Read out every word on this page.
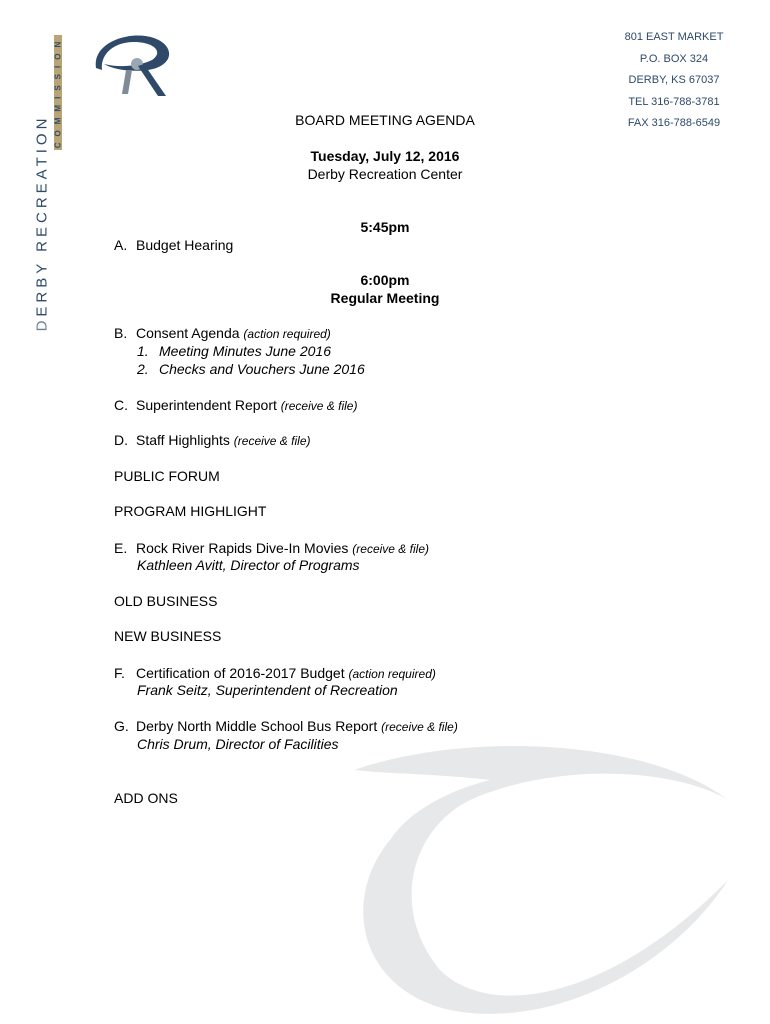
COMMISSION
DERBY RECREATION
801 EAST MARKET
P.O. BOX 324
DERBY, KS 67037
TEL 316-788-3781
FAX 316-788-6549
BOARD MEETING AGENDA
Tuesday, July 12, 2016
Derby Recreation Center
5:45pm
A. Budget Hearing
6:00pm
Regular Meeting
B. Consent Agenda (action required)
1. Meeting Minutes June 2016
2. Checks and Vouchers June 2016
C. Superintendent Report (receive & file)
D. Staff Highlights (receive & file)
PUBLIC FORUM
PROGRAM HIGHLIGHT
E. Rock River Rapids Dive-In Movies (receive & file)
Kathleen Avitt, Director of Programs
OLD BUSINESS
NEW BUSINESS
F. Certification of 2016-2017 Budget (action required)
Frank Seitz, Superintendent of Recreation
G. Derby North Middle School Bus Report (receive & file)
Chris Drum, Director of Facilities
ADD ONS
